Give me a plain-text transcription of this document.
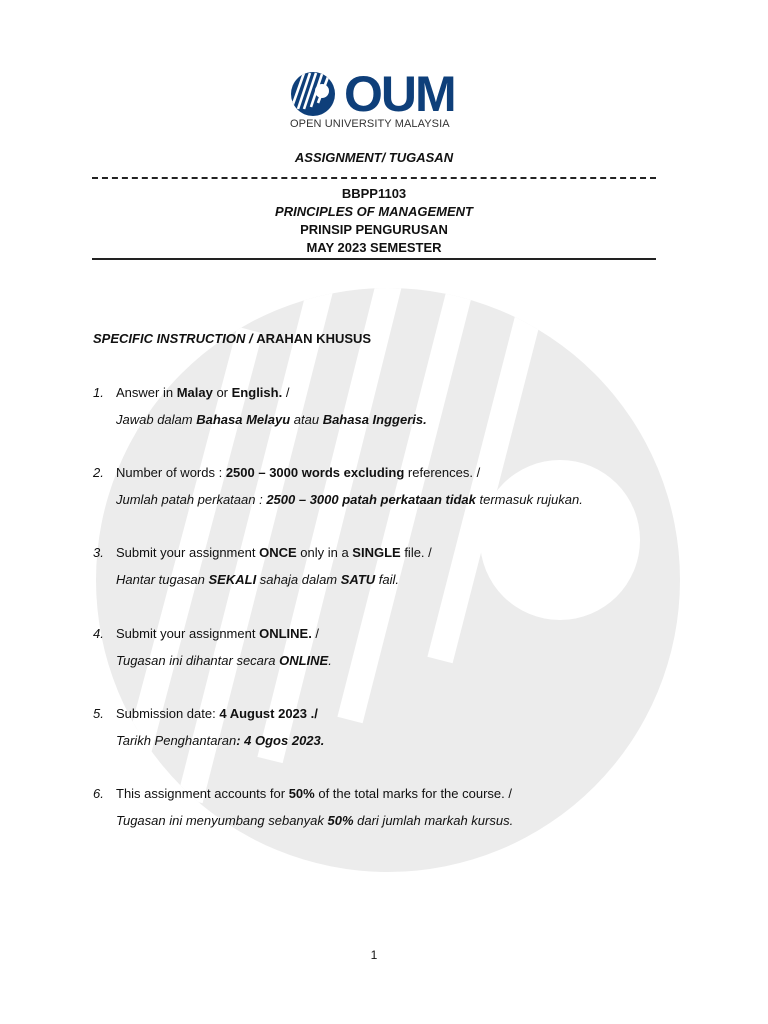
OUM
OPEN UNIVERSITY MALAYSIA
ASSIGNMENT/ TUGASAN
BBPP1103
PRINCIPLES OF MANAGEMENT
PRINSIP PENGURUSAN
MAY 2023 SEMESTER
SPECIFIC INSTRUCTION / ARAHAN KHUSUS
1. Answer in Malay or English. /
Jawab dalam Bahasa Melayu atau Bahasa Inggeris.
2. Number of words : 2500 – 3000 words excluding references. /
Jumlah patah perkataan : 2500 – 3000 patah perkataan tidak termasuk rujukan.
3. Submit your assignment ONCE only in a SINGLE file. /
Hantar tugasan SEKALI sahaja dalam SATU fail.
4. Submit your assignment ONLINE. /
Tugasan ini dihantar secara ONLINE.
5. Submission date: 4 August 2023 ./
Tarikh Penghantaran: 4 Ogos 2023.
6. This assignment accounts for 50% of the total marks for the course. /
Tugasan ini menyumbang sebanyak 50% dari jumlah markah kursus.
1
